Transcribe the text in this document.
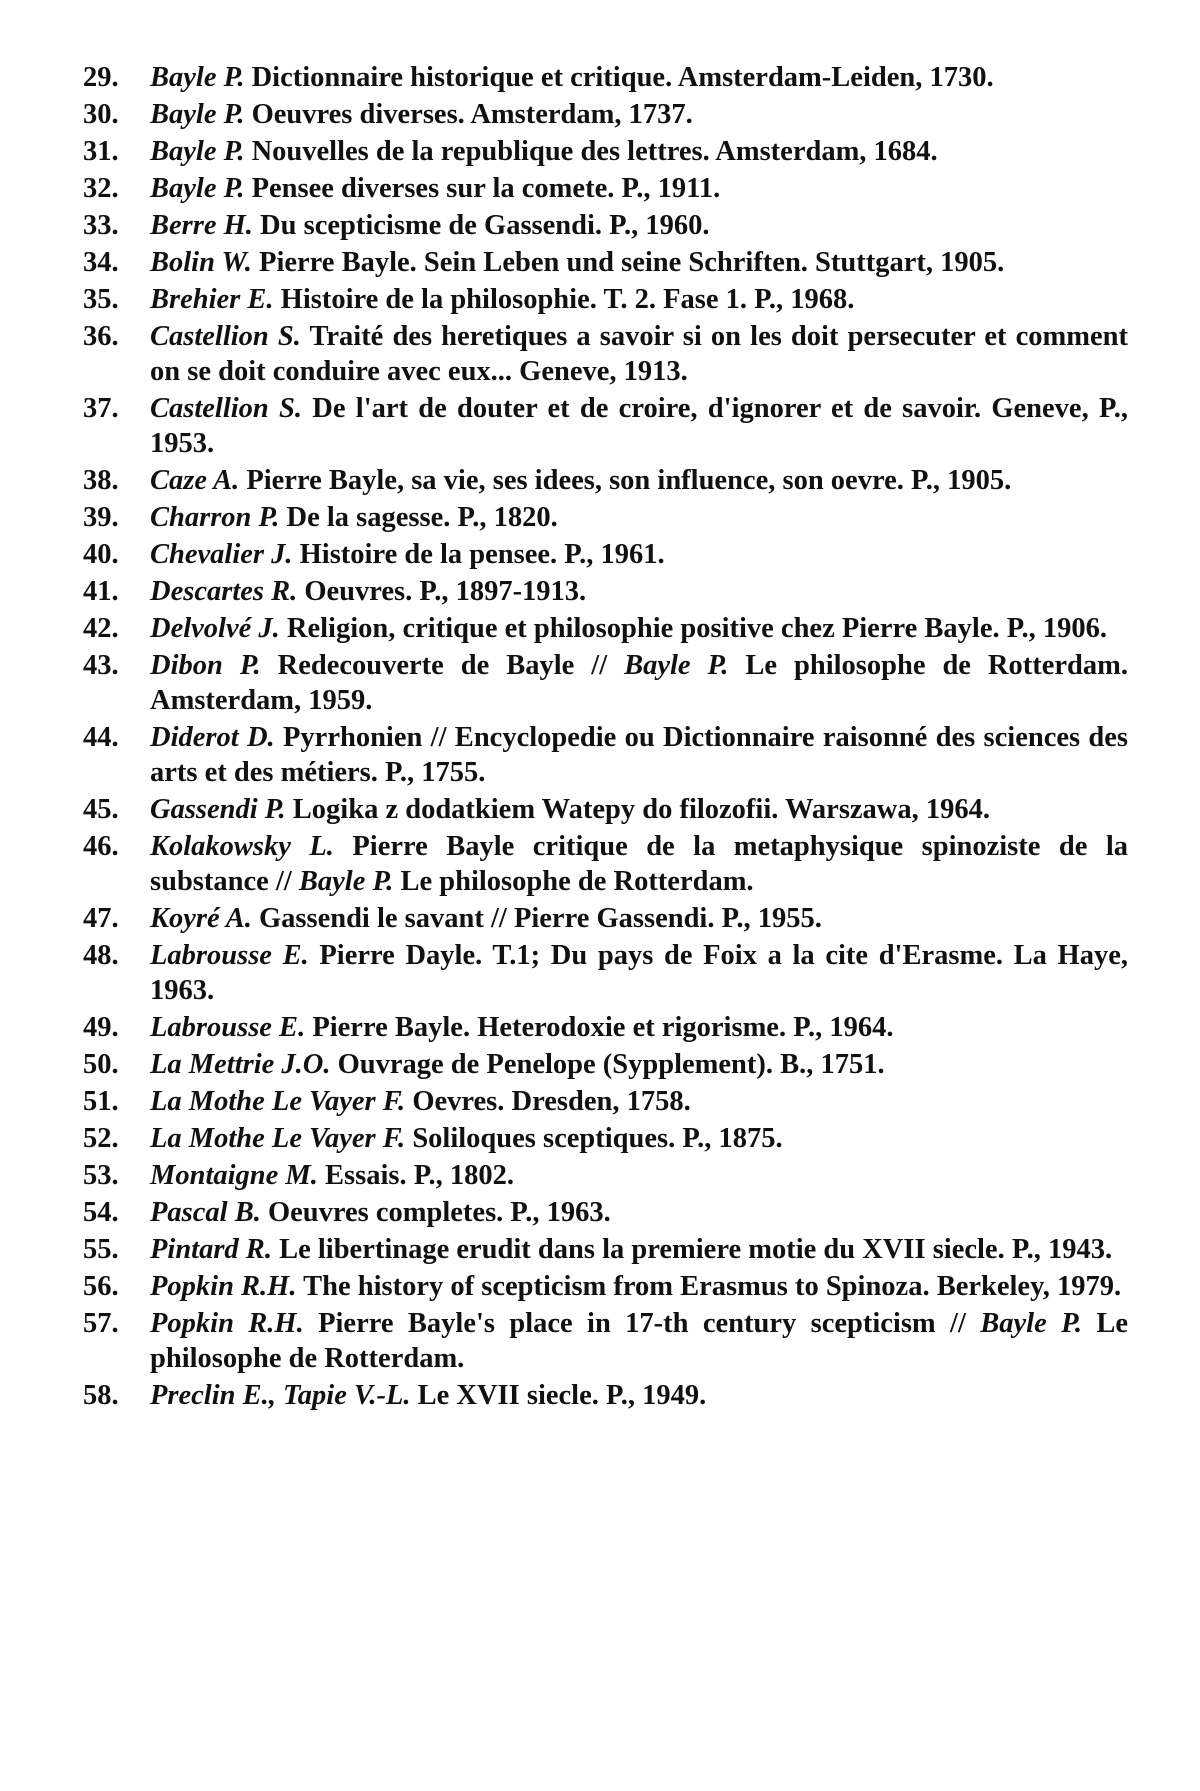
29.	Bayle P. Dictionnaire historique et critique. Amsterdam-Leiden, 1730.
30.	Bayle P. Oeuvres diverses. Amsterdam, 1737.
31.	Bayle P. Nouvelles de la republique des lettres. Amsterdam, 1684.
32.	Bayle P. Pensee diverses sur la comete. P., 1911.
33.	Berre H. Du scepticisme de Gassendi. P., 1960.
34.	Bolin W. Pierre Bayle. Sein Leben und seine Schriften. Stuttgart, 1905.
35.	Brehier E. Histoire de la philosophie. T. 2. Fase 1. P., 1968.
36.	Castellion S. Traité des heretiques a savoir si on les doit persecuter et comment on se doit conduire avec eux... Geneve, 1913.
37.	Castellion S. De l'art de douter et de croire, d'ignorer et de savoir. Geneve, P., 1953.
38.	Caze A. Pierre Bayle, sa vie, ses idees, son influence, son oevre. P., 1905.
39.	Charron P. De la sagesse. P., 1820.
40.	Chevalier J. Histoire de la pensee. P., 1961.
41.	Descartes R. Oeuvres. P., 1897-1913.
42.	Delvolvé J. Religion, critique et philosophie positive chez Pierre Bayle. P., 1906.
43.	Dibon P. Redecouverte de Bayle // Bayle P. Le philosophe de Rotterdam. Amsterdam, 1959.
44.	Diderot D. Pyrrhonien // Encyclopedie ou Dictionnaire raisonné des sciences des arts et des métiers. P., 1755.
45.	Gassendi P. Logika z dodatkiem Watepy do filozofii. Warszawa, 1964.
46.	Kolakowsky L. Pierre Bayle critique de la metaphysique spinoziste de la substance // Bayle P. Le philosophe de Rotterdam.
47.	Koyré A. Gassendi le savant // Pierre Gassendi. P., 1955.
48.	Labrousse E. Pierre Dayle. T.1; Du pays de Foix a la cite d'Erasme. La Haye, 1963.
49.	Labrousse E. Pierre Bayle. Heterodoxie et rigorisme. P., 1964.
50.	La Mettrie J.O. Ouvrage de Penelope (Sypplement). B., 1751.
51.	La Mothe Le Vayer F. Oevres. Dresden, 1758.
52.	La Mothe Le Vayer F. Soliloques sceptiques. P., 1875.
53.	Montaigne M. Essais. P., 1802.
54.	Pascal B. Oeuvres completes. P., 1963.
55.	Pintard R. Le libertinage erudit dans la premiere motie du XVII siecle. P., 1943.
56.	Popkin R.H. The history of scepticism from Erasmus to Spinoza. Berkeley, 1979.
57.	Popkin R.H. Pierre Bayle's place in 17-th century scepticism // Bayle P. Le philosophe de Rotterdam.
58.	Preclin E., Tapie V.-L. Le XVII siecle. P., 1949.
